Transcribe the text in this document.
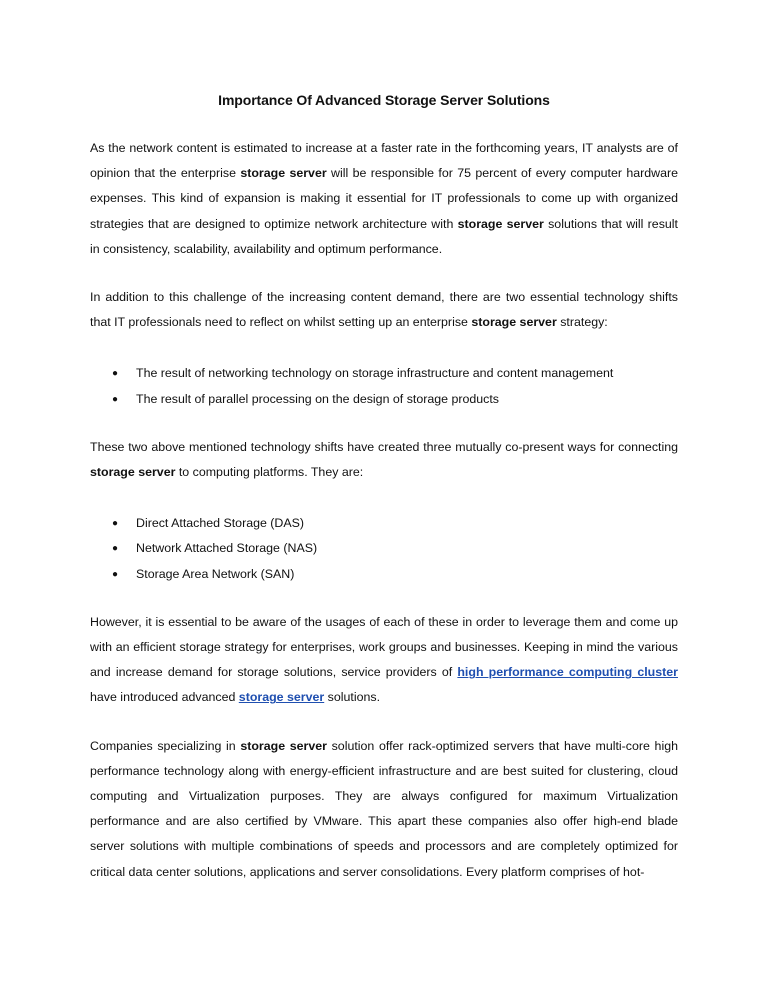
Importance Of Advanced Storage Server Solutions

As the network content is estimated to increase at a faster rate in the forthcoming years, IT analysts are of opinion that the enterprise storage server will be responsible for 75 percent of every computer hardware expenses. This kind of expansion is making it essential for IT professionals to come up with organized strategies that are designed to optimize network architecture with storage server solutions that will result in consistency, scalability, availability and optimum performance.

In addition to this challenge of the increasing content demand, there are two essential technology shifts that IT professionals need to reflect on whilst setting up an enterprise storage server strategy:

● The result of networking technology on storage infrastructure and content management
● The result of parallel processing on the design of storage products

These two above mentioned technology shifts have created three mutually co-present ways for connecting storage server to computing platforms. They are:

● Direct Attached Storage (DAS)
● Network Attached Storage (NAS)
● Storage Area Network (SAN)

However, it is essential to be aware of the usages of each of these in order to leverage them and come up with an efficient storage strategy for enterprises, work groups and businesses. Keeping in mind the various and increase demand for storage solutions, service providers of high performance computing cluster have introduced advanced storage server solutions.

Companies specializing in storage server solution offer rack-optimized servers that have multi-core high performance technology along with energy-efficient infrastructure and are best suited for clustering, cloud computing and Virtualization purposes. They are always configured for maximum Virtualization performance and are also certified by VMware. This apart these companies also offer high-end blade server solutions with multiple combinations of speeds and processors and are completely optimized for critical data center solutions, applications and server consolidations. Every platform comprises of hot-
